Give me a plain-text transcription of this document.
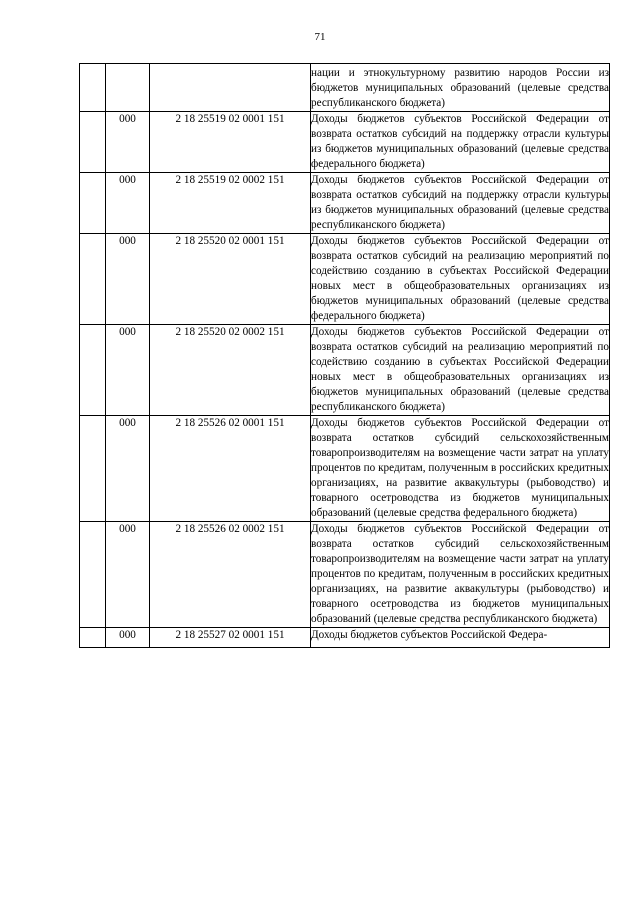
71
			нации и этнокультурному развитию народов России из бюджетов муниципальных образований (целевые средства республиканского бюджета)
	000	2 18 25519 02 0001 151	Доходы бюджетов субъектов Российской Федерации от возврата остатков субсидий на поддержку отрасли культуры из бюджетов муниципальных образований (целевые средства федерального бюджета)
	000	2 18 25519 02 0002 151	Доходы бюджетов субъектов Российской Федерации от возврата остатков субсидий на поддержку отрасли культуры из бюджетов муниципальных образований (целевые средства республиканского бюджета)
	000	2 18 25520 02 0001 151	Доходы бюджетов субъектов Российской Федерации от возврата остатков субсидий на реализацию мероприятий по содействию созданию в субъектах Российской Федерации новых мест в общеобразовательных организациях из бюджетов муниципальных образований (целевые средства федерального бюджета)
	000	2 18 25520 02 0002 151	Доходы бюджетов субъектов Российской Федерации от возврата остатков субсидий на реализацию мероприятий по содействию созданию в субъектах Российской Федерации новых мест в общеобразовательных организациях из бюджетов муниципальных образований (целевые средства республиканского бюджета)
	000	2 18 25526 02 0001 151	Доходы бюджетов субъектов Российской Федерации от возврата остатков субсидий сельскохозяйственным товаропроизводителям на возмещение части затрат на уплату процентов по кредитам, полученным в российских кредитных организациях, на развитие аквакультуры (рыбоводство) и товарного осетроводства из бюджетов муниципальных образований (целевые средства федерального бюджета)
	000	2 18 25526 02 0002 151	Доходы бюджетов субъектов Российской Федерации от возврата остатков субсидий сельскохозяйственным товаропроизводителям на возмещение части затрат на уплату процентов по кредитам, полученным в российских кредитных организациях, на развитие аквакультуры (рыбоводство) и товарного осетроводства из бюджетов муниципальных образований (целевые средства республиканского бюджета)
	000	2 18 25527 02 0001 151	Доходы бюджетов субъектов Российской Федера-
